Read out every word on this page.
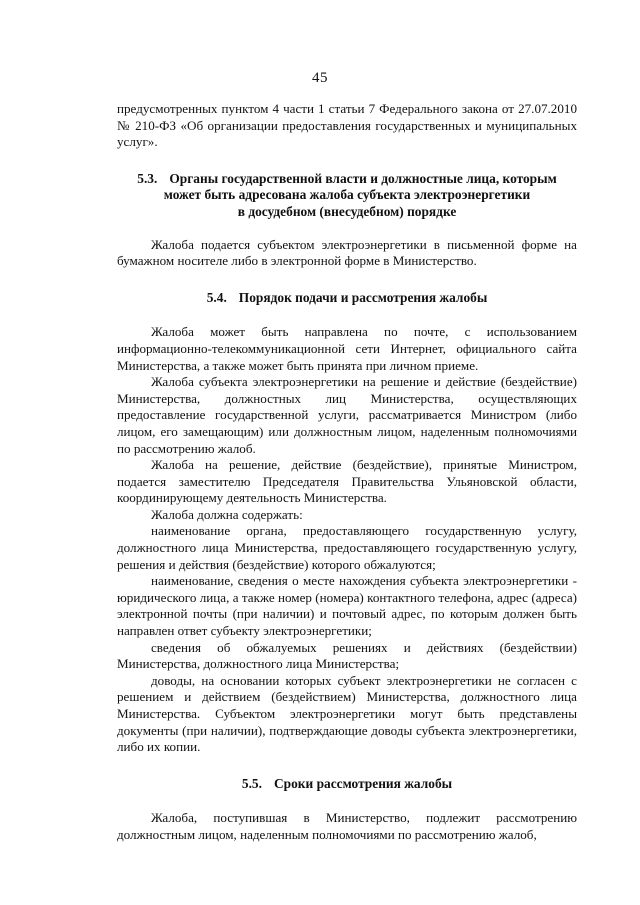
45

предусмотренных пунктом 4 части 1 статьи 7 Федерального закона от 27.07.2010 № 210-ФЗ «Об организации предоставления государственных и муниципальных услуг».

5.3. Органы государственной власти и должностные лица, которым
может быть адресована жалоба субъекта электроэнергетики
в досудебном (внесудебном) порядке

Жалоба подается субъектом электроэнергетики в письменной форме на бумажном носителе либо в электронной форме в Министерство.

5.4. Порядок подачи и рассмотрения жалобы

Жалоба может быть направлена по почте, с использованием информационно-телекоммуникационной сети Интернет, официального сайта Министерства, а также может быть принята при личном приеме.

Жалоба субъекта электроэнергетики на решение и действие (бездействие) Министерства, должностных лиц Министерства, осуществляющих предоставление государственной услуги, рассматривается Министром (либо лицом, его замещающим) или должностным лицом, наделенным полномочиями по рассмотрению жалоб.

Жалоба на решение, действие (бездействие), принятые Министром, подается заместителю Председателя Правительства Ульяновской области, координирующему деятельность Министерства.

Жалоба должна содержать:

наименование органа, предоставляющего государственную услугу, должностного лица Министерства, предоставляющего государственную услугу, решения и действия (бездействие) которого обжалуются;

наименование, сведения о месте нахождения субъекта электроэнергетики - юридического лица, а также номер (номера) контактного телефона, адрес (адреса) электронной почты (при наличии) и почтовый адрес, по которым должен быть направлен ответ субъекту электроэнергетики;

сведения об обжалуемых решениях и действиях (бездействии) Министерства, должностного лица Министерства;

доводы, на основании которых субъект электроэнергетики не согласен с решением и действием (бездействием) Министерства, должностного лица Министерства. Субъектом электроэнергетики могут быть представлены документы (при наличии), подтверждающие доводы субъекта электроэнергетики, либо их копии.

5.5. Сроки рассмотрения жалобы

Жалоба, поступившая в Министерство, подлежит рассмотрению должностным лицом, наделенным полномочиями по рассмотрению жалоб,
